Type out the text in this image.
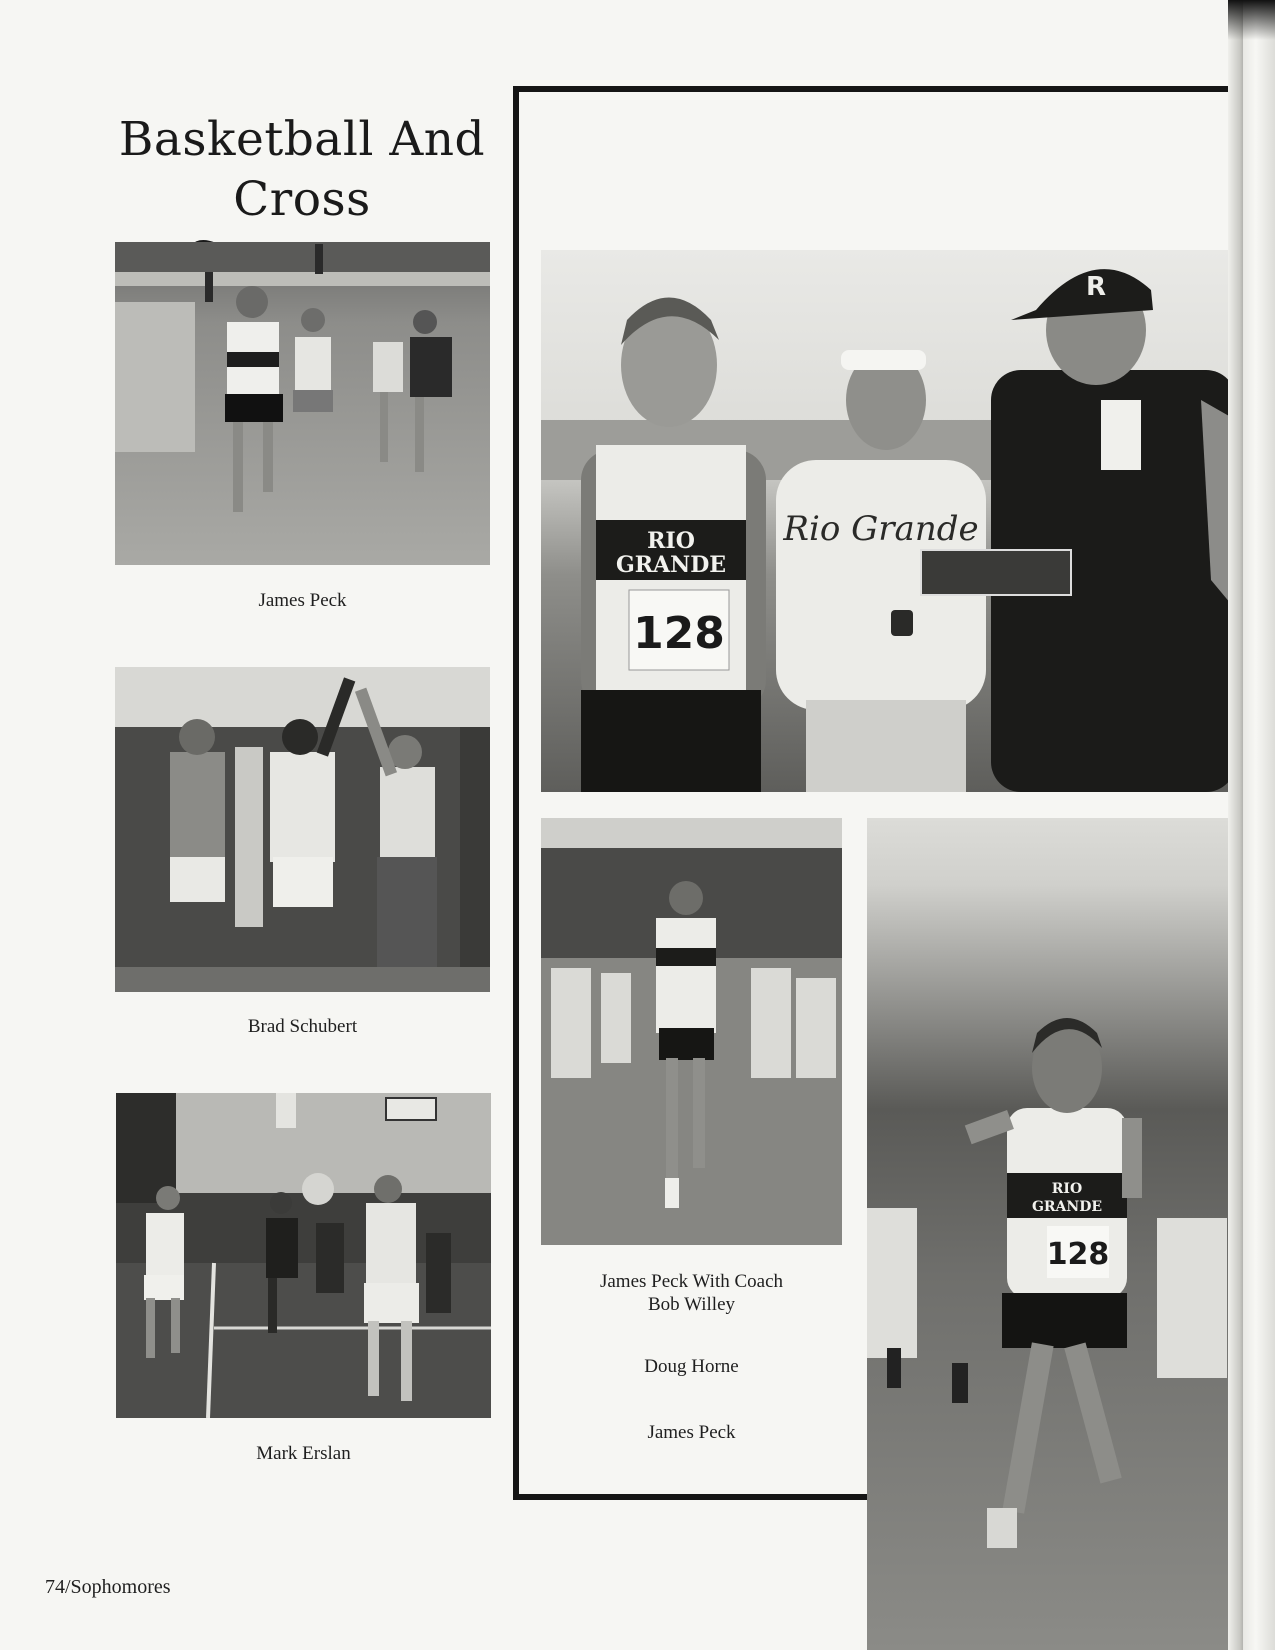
Basketball And
Cross
James Peck
Brad Schubert
Mark Erslan
RIO
GRANDE
128
Rio Grande
R
James Peck With Coach
Bob Willey
Doug Horne
James Peck
RIO
GRANDE
128
74/Sophomores
